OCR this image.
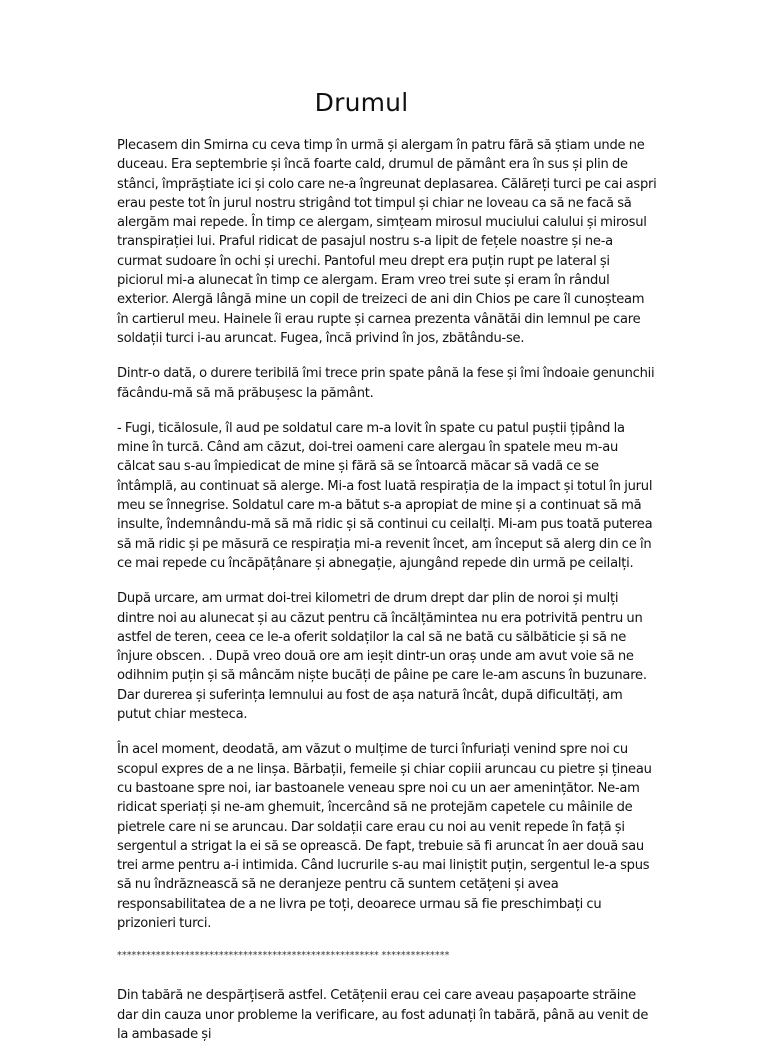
Drumul

Plecasem din Smirna cu ceva timp în urmă și alergam în patru fără să știam unde ne duceau. Era septembrie și încă foarte cald, drumul de pământ era în sus și plin de stânci, împrăștiate ici și colo care ne-a îngreunat deplasarea. Călăreți turci pe cai aspri erau peste tot în jurul nostru strigând tot timpul și chiar ne loveau ca să ne facă să alergăm mai repede. În timp ce alergam, simțeam mirosul muciului calului și mirosul transpirației lui. Praful ridicat de pasajul nostru s-a lipit de fețele noastre și ne-a curmat sudoare în ochi și urechi. Pantoful meu drept era puțin rupt pe lateral și piciorul mi-a alunecat în timp ce alergam. Eram vreo trei sute și eram în rândul exterior. Alergă lângă mine un copil de treizeci de ani din Chios pe care îl cunoșteam în cartierul meu. Hainele îi erau rupte și carnea prezenta vânătăi din lemnul pe care soldații turci i-au aruncat. Fugea, încă privind în jos, zbătându-se.

Dintr-o dată, o durere teribilă îmi trece prin spate până la fese și îmi îndoaie genunchii făcându-mă să mă prăbușesc la pământ.

- Fugi, ticălosule, îl aud pe soldatul care m-a lovit în spate cu patul puștii țipând la mine în turcă. Când am căzut, doi-trei oameni care alergau în spatele meu m-au călcat sau s-au împiedicat de mine și fără să se întoarcă măcar să vadă ce se întâmplă, au continuat să alerge. Mi-a fost luată respirația de la impact și totul în jurul meu se înnegrise. Soldatul care m-a bătut s-a apropiat de mine și a continuat să mă insulte, îndemnându-mă să mă ridic și să continui cu ceilalți. Mi-am pus toată puterea să mă ridic și pe măsură ce respirația mi-a revenit încet, am început să alerg din ce în ce mai repede cu încăpățânare și abnegație, ajungând repede din urmă pe ceilalți.

După urcare, am urmat doi-trei kilometri de drum drept dar plin de noroi și mulți dintre noi au alunecat și au căzut pentru că încălțămintea nu era potrivită pentru un astfel de teren, ceea ce le-a oferit soldaților la cal să ne bată cu sălbăticie și să ne înjure obscen. . După vreo două ore am ieșit dintr-un oraș unde am avut voie să ne odihnim puțin și să mâncăm niște bucăți de pâine pe care le-am ascuns în buzunare. Dar durerea și suferința lemnului au fost de așa natură încât, după dificultăți, am putut chiar mesteca.

În acel moment, deodată, am văzut o mulțime de turci înfuriați venind spre noi cu scopul expres de a ne linșa. Bărbații, femeile și chiar copiii aruncau cu pietre și țineau cu bastoane spre noi, iar bastoanele veneau spre noi cu un aer amenințător. Ne-am ridicat speriați și ne-am ghemuit, încercând să ne protejăm capetele cu mâinile de pietrele care ni se aruncau. Dar soldații care erau cu noi au venit repede în față și sergentul a strigat la ei să se oprească. De fapt, trebuie să fi aruncat în aer două sau trei arme pentru a-i intimida. Când lucrurile s-au mai liniștit puțin, sergentul le-a spus să nu îndrăznească să ne deranjeze pentru că suntem cetățeni și avea responsabilitatea de a ne livra pe toți, deoarece urmau să fie preschimbați cu prizonieri turci.

****************************************************** **************

Din tabără ne despărțiseră astfel. Cetățenii erau cei care aveau pașapoarte străine dar din cauza unor probleme la verificare, au fost adunați în tabără, până au venit de la ambasade și
